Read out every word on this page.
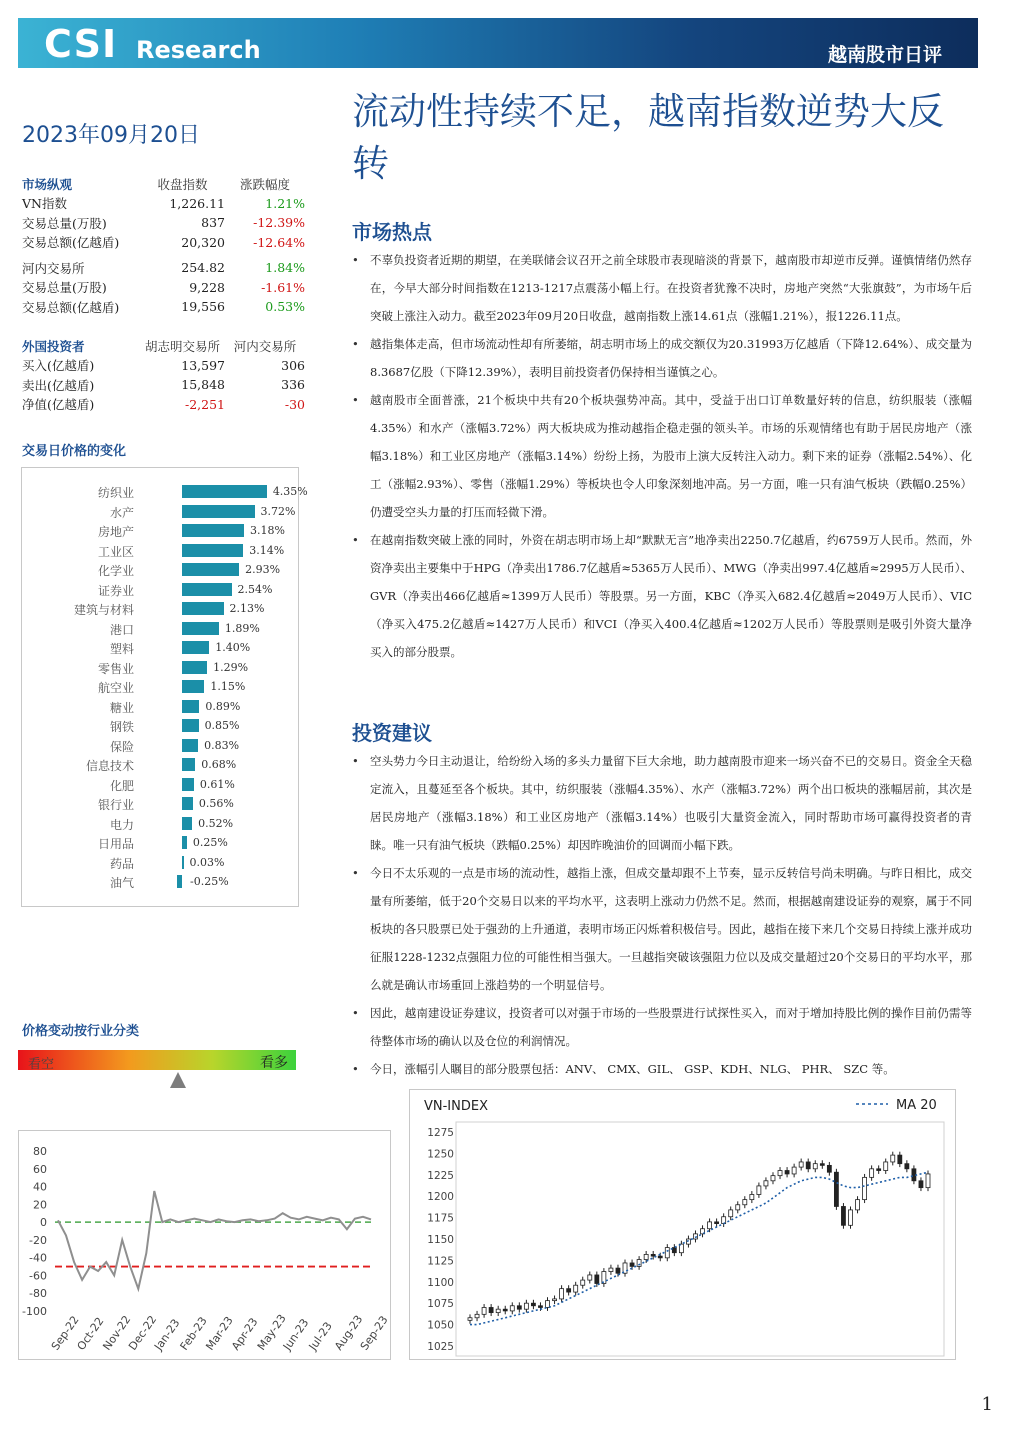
CSI Research	越南股市日评
2023年09月20日
市场纵观	收盘指数	涨跌幅度
VN指数	1,226.11	1.21%
交易总量(万股)	837	-12.39%
交易总额(亿越盾)	20,320	-12.64%

河内交易所	254.82	1.84%
交易总量(万股)	9,228	-1.61%
交易总额(亿越盾)	19,556	0.53%
外国投资者	胡志明交易所	河内交易所
买入(亿越盾)	13,597	306
卖出(亿越盾)	15,848	336
净值(亿越盾)	-2,251	-30
交易日价格的变化
纺织业	4.35%
水产	3.72%
房地产	3.18%
工业区	3.14%
化学业	2.93%
证券业	2.54%
建筑与材料	2.13%
港口	1.89%
塑料	1.40%
零售业	1.29%
航空业	1.15%
糖业	0.89%
钢铁	0.85%
保险	0.83%
信息技术	0.68%
化肥	0.61%
银行业	0.56%
电力	0.52%
日用品	0.25%
药品	0.03%
油气	-0.25%
价格变动按行业分类
看空	看多
80
60
40
20
0
-20
-40
-60
-80
-100
Sep-22
Oct-22
Nov-22
Dec-22
Jan-23
Feb-23
Mar-23
Apr-23
May-23
Jun-23
Jul-23
Aug-23
Sep-23
流动性持续不足，越南指数逆势大反转
市场热点
• 不辜负投资者近期的期望，在美联储会议召开之前全球股市表现暗淡的背景下，越南股市却逆市反弹。谨慎情绪仍然存在，今早大部分时间指数在1213-1217点震荡小幅上行。在投资者犹豫不决时，房地产突然“大张旗鼓”，为市场午后突破上涨注入动力。截至2023年09月20日收盘，越南指数上涨14.61点（涨幅1.21%），报1226.11点。
• 越指集体走高，但市场流动性却有所萎缩，胡志明市场上的成交额仅为20.31993万亿越盾（下降12.64%）、成交量为8.3687亿股（下降12.39%），表明目前投资者仍保持相当谨慎之心。
• 越南股市全面普涨，21个板块中共有20个板块强势冲高。其中，受益于出口订单数量好转的信息，纺织服装（涨幅4.35%）和水产（涨幅3.72%）两大板块成为推动越指企稳走强的领头羊。市场的乐观情绪也有助于居民房地产（涨幅3.18%）和工业区房地产（涨幅3.14%）纷纷上扬，为股市上演大反转注入动力。剩下来的证券（涨幅2.54%）、化工（涨幅2.93%）、零售（涨幅1.29%）等板块也令人印象深刻地冲高。另一方面，唯一只有油气板块（跌幅0.25%）仍遭受空头力量的打压而轻微下滑。
• 在越南指数突破上涨的同时，外资在胡志明市场上却“默默无言”地净卖出2250.7亿越盾，约6759万人民币。然而，外资净卖出主要集中于HPG（净卖出1786.7亿越盾≈5365万人民币）、MWG（净卖出997.4亿越盾≈2995万人民币）、GVR（净卖出466亿越盾≈1399万人民币）等股票。另一方面，KBC（净买入682.4亿越盾≈2049万人民币）、VIC（净买入475.2亿越盾≈1427万人民币）和VCI（净买入400.4亿越盾≈1202万人民币）等股票则是吸引外资大量净买入的部分股票。
投资建议
• 空头势力今日主动退让，给纷纷入场的多头力量留下巨大余地，助力越南股市迎来一场兴奋不已的交易日。资金全天稳定流入，且蔓延至各个板块。其中，纺织服装（涨幅4.35%）、水产（涨幅3.72%）两个出口板块的涨幅居前，其次是居民房地产（涨幅3.18%）和工业区房地产（涨幅3.14%）也吸引大量资金流入，同时帮助市场可赢得投资者的青睐。唯一只有油气板块（跌幅0.25%）却因昨晚油价的回调而小幅下跌。
• 今日不太乐观的一点是市场的流动性，越指上涨，但成交量却跟不上节奏，显示反转信号尚未明确。与昨日相比，成交量有所萎缩，低于20个交易日以来的平均水平，这表明上涨动力仍然不足。然而，根据越南建设证券的观察，属于不同板块的各只股票已处于强劲的上升通道，表明市场正闪烁着积极信号。因此，越指在接下来几个交易日持续上涨并成功征服1228-1232点强阻力位的可能性相当强大。一旦越指突破该强阻力位以及成交量超过20个交易日的平均水平，那么就是确认市场重回上涨趋势的一个明显信号。
• 因此，越南建设证券建议，投资者可以对强于市场的一些股票进行试探性买入，而对于增加持股比例的操作目前仍需等待整体市场的确认以及仓位的利润情况。
• 今日，涨幅引人瞩目的部分股票包括：ANV、 CMX、GIL、 GSP、KDH、NLG、 PHR、 SZC 等。
VN-INDEX	MA 20
1275
1250
1225
1200
1175
1150
1125
1100
1075
1050
1025
1
